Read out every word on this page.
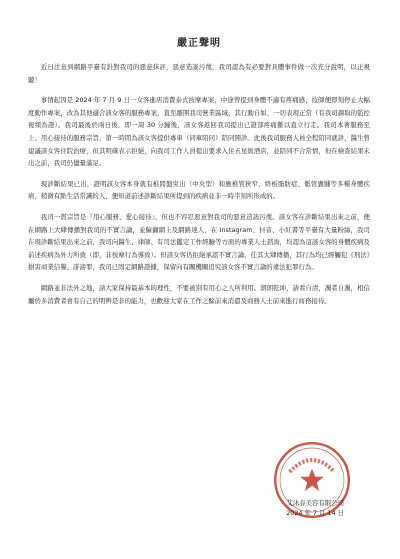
嚴正聲明

近日注意到網路平臺有針對我司的惡意抹評，惡意造謠污蔑，我司認為有必要對具體事件做一次充分說明，以正視聽！

事情起因是 2024 年 7 月 9 日一女客進店消費泰式按摩專案，中途曾提到身體不適有疼痛感，技師便即刻停止大幅度動作專案，改為其他適合該女客的服務專案，直至離開我司營業區域，其行動自如、一切表現正常（有我司調取的監控視頻為證）。我司最後於兩日後，即一周 30 分鐘後，該女客返回我司提出已證部疼痛難以直立行走。我司本著服務至上、用心接待的服務宗旨，第一時間為該女客提供專車（同車陪同）陪同開診。此後我司服務人員全程陪同就診，醫生曾建議該女客住院治療，但其明確表示拒絕，向我司工作人員提出要求入住五星級酒店，並陪同不合常情，但在檢查結果未出之前，我司仍儘量滿足。

現診斷結果已出，證明該女客本身就有椎間盤突出（中央型）和應椎管狹窄、終板脂肪症、骶管囊腫等多種身體疾病，稍微有點生活常識的人，便知道前述診斷結果所提到的疾病並非一時半刻所形成的。

我司一貫宗旨是『用心服務、愛心接待』，但也不容忍惡意對我司的惡意造謠污蔑。該女客在診斷結果出來之前，便在網路上大肆傳播對我司的不實言論，並僱傭網上及網路達人，在 Instagram、抖音、小紅書等平臺有大量粉絲，我司在現診斷結果出來之前，我司向醫生、律師、有司法鑑定工作經驗等方面的專業人士諮詢，均認為這該女客的身體疾病及前述疾病為外力所致（即，非按摩行為導致）。但該女客仍拒絕承認不實言論，任其大肆傳播，其行為均已經觸犯《刑法》損害商業信譽、誹謗罪，我司已固定網路證據，保留向有關機關追究該女客不實言論的違法犯罪行為。

網路並非法外之地，請大家保持最基本的理性，不要被別有用心之人所利用。朗朗乾坤，請看自清，濁者自濁，相信屬於多消費者會有自己的明辨是非的能力，也歡迎大家在工作之餘前來消遣及商務人士前來進行商務接待。

艾沐春美容有限公司
2024 年 7 月 14 日
